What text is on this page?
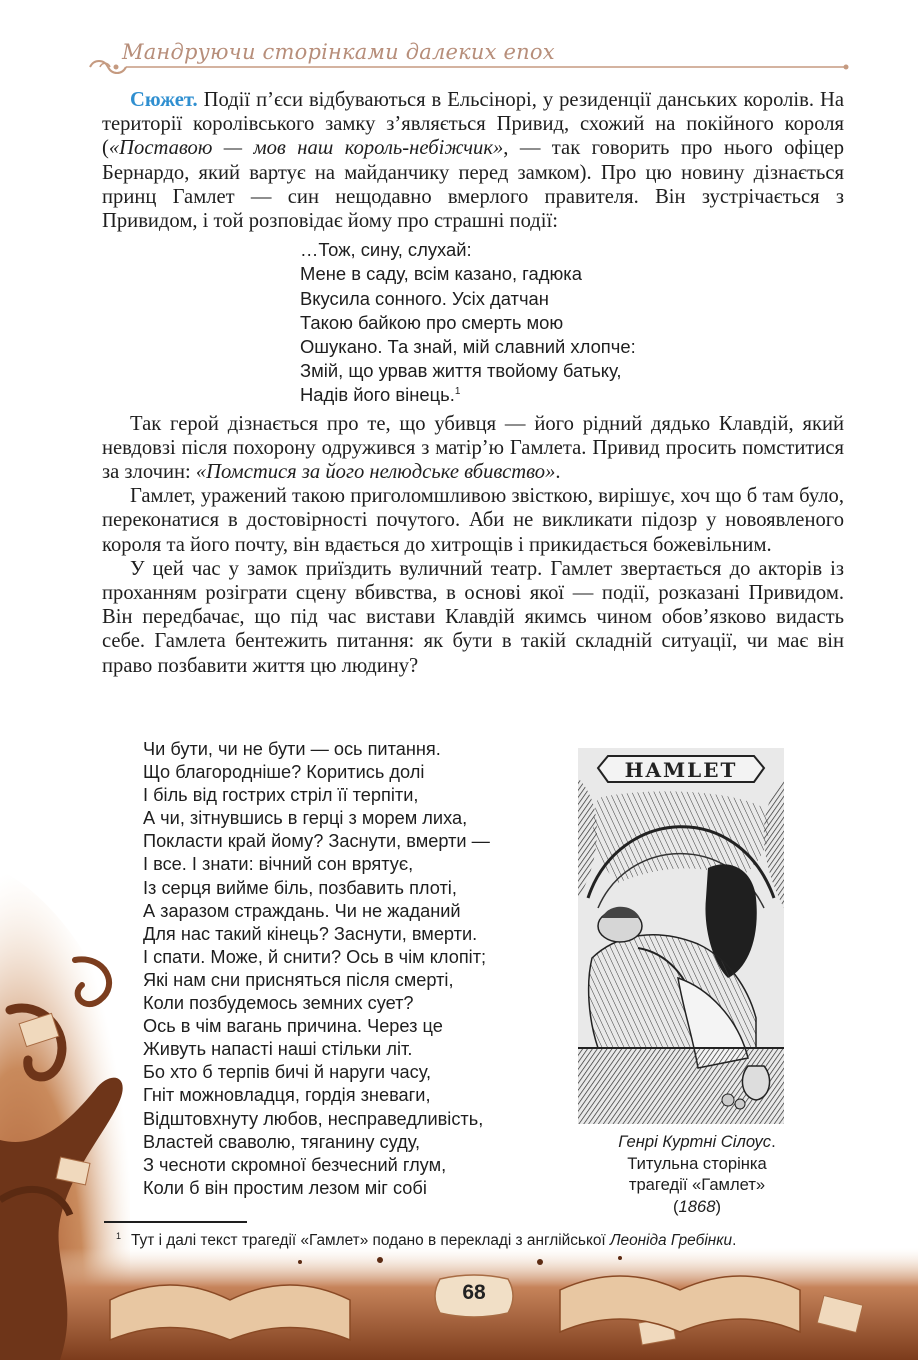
Мандруючи сторінками далеких епох

Сюжет. Події п’єси відбуваються в Ельсінорі, у резиденції данських королів. На території королівського замку з’являється Привид, схожий на покійного короля («Поставою — мов наш король-небіжчик», — так говорить про нього офіцер Бернардо, який вартує на майданчику перед замком). Про цю новину дізнається принц Гамлет — син нещодавно вмерлого правителя. Він зустрічається з Привидом, і той розповідає йому про страшні події:

…Тож, сину, слухай:
Мене в саду, всім казано, гадюка
Вкусила сонного. Усіх датчан
Такою байкою про смерть мою
Ошукано. Та знай, мій славний хлопче:
Змій, що урвав життя твойому батьку,
Надів його вінець.$^1$

Так герой дізнається про те, що убивця — його рідний дядько Клавдій, який невдовзі після похорону одружився з матір’ю Гамлета. Привид просить помститися за злочин: «Помстися за його нелюдське вбивство».

Гамлет, уражений такою приголомшливою звісткою, вирішує, хоч що б там було, переконатися в достовірності почутого. Аби не викликати підозр у новоявленого короля та його почту, він вдається до хитрощів і прикидається божевільним.

У цей час у замок приїздить вуличний театр. Гамлет звертається до акторів із проханням розіграти сцену вбивства, в основі якої — події, розказані Привидом. Він передбачає, що під час вистави Клавдій якимсь чином обов’язково видасть себе. Гамлета бентежить питання: як бути в такій складній ситуації, чи має він право позбавити життя цю людину?

Чи бути, чи не бути — ось питання.
Що благородніше? Коритись долі
І біль від гострих стріл її терпіти,
А чи, зітнувшись в герці з морем лиха,
Покласти край йому? Заснути, вмерти —
І все. І знати: вічний сон врятує,
Із серця вийме біль, позбавить плоті,
А заразом страждань. Чи не жаданий
Для нас такий кінець? Заснути, вмерти.
І спати. Може, й снити? Ось в чім клопіт;
Які нам сни присняться після смерті,
Коли позбудемось земних сует?
Ось в чім вагань причина. Через це
Живуть напасті наші стільки літ.
Бо хто б терпів бичі й наруги часу,
Гніт можновладця, гордія зневаги,
Відштовхнуту любов, несправедливість,
Властей сваволю, тяганину суду,
З чесноти скромної безчесний глум,
Коли б він простим лезом міг собі
HAMLET
Генрі Куртні Сілоус.
Титульна сторінка
трагедії «Гамлет»
(1868)
$^1$ Тут і далі текст трагедії «Гамлет» подано в перекладі з англійської Леоніда Гребінки.
68
